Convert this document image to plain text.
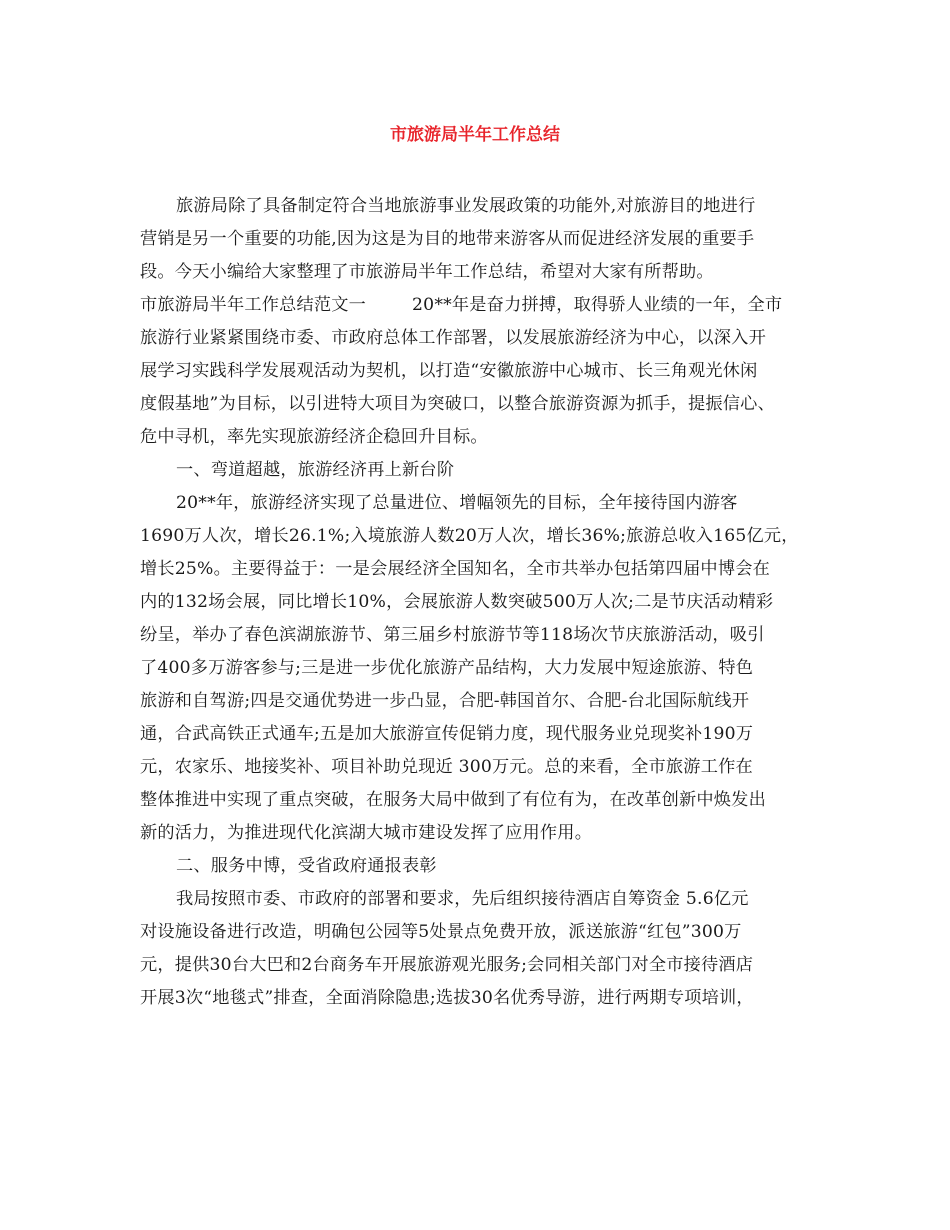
市旅游局半年工作总结
旅游局除了具备制定符合当地旅游事业发展政策的功能外,对旅游目的地进行
营销是另一个重要的功能,因为这是为目的地带来游客从而促进经济发展的重要手
段。今天小编给大家整理了市旅游局半年工作总结，希望对大家有所帮助。
市旅游局半年工作总结范文一	20**年是奋力拼搏，取得骄人业绩的一年，全市
旅游行业紧紧围绕市委、市政府总体工作部署，以发展旅游经济为中心，以深入开
展学习实践科学发展观活动为契机，以打造“安徽旅游中心城市、长三角观光休闲
度假基地”为目标，以引进特大项目为突破口，以整合旅游资源为抓手，提振信心、
危中寻机，率先实现旅游经济企稳回升目标。
一、弯道超越，旅游经济再上新台阶
20**年，旅游经济实现了总量进位、增幅领先的目标，全年接待国内游客
1690万人次，增长26.1%;入境旅游人数20万人次，增长36%;旅游总收入165亿元，
增长25%。主要得益于：一是会展经济全国知名，全市共举办包括第四届中博会在
内的132场会展，同比增长10%，会展旅游人数突破500万人次;二是节庆活动精彩
纷呈，举办了春色滨湖旅游节、第三届乡村旅游节等118场次节庆旅游活动，吸引
了400多万游客参与;三是进一步优化旅游产品结构，大力发展中短途旅游、特色
旅游和自驾游;四是交通优势进一步凸显，合肥-韩国首尔、合肥-台北国际航线开
通，合武高铁正式通车;五是加大旅游宣传促销力度，现代服务业兑现奖补190万
元，农家乐、地接奖补、项目补助兑现近 300万元。总的来看，全市旅游工作在
整体推进中实现了重点突破，在服务大局中做到了有位有为，在改革创新中焕发出
新的活力，为推进现代化滨湖大城市建设发挥了应用作用。
二、服务中博，受省政府通报表彰
我局按照市委、市政府的部署和要求，先后组织接待酒店自筹资金 5.6亿元
对设施设备进行改造，明确包公园等5处景点免费开放，派送旅游“红包”300万
元，提供30台大巴和2台商务车开展旅游观光服务;会同相关部门对全市接待酒店
开展3次“地毯式”排查，全面消除隐患;选拔30名优秀导游，进行两期专项培训，
